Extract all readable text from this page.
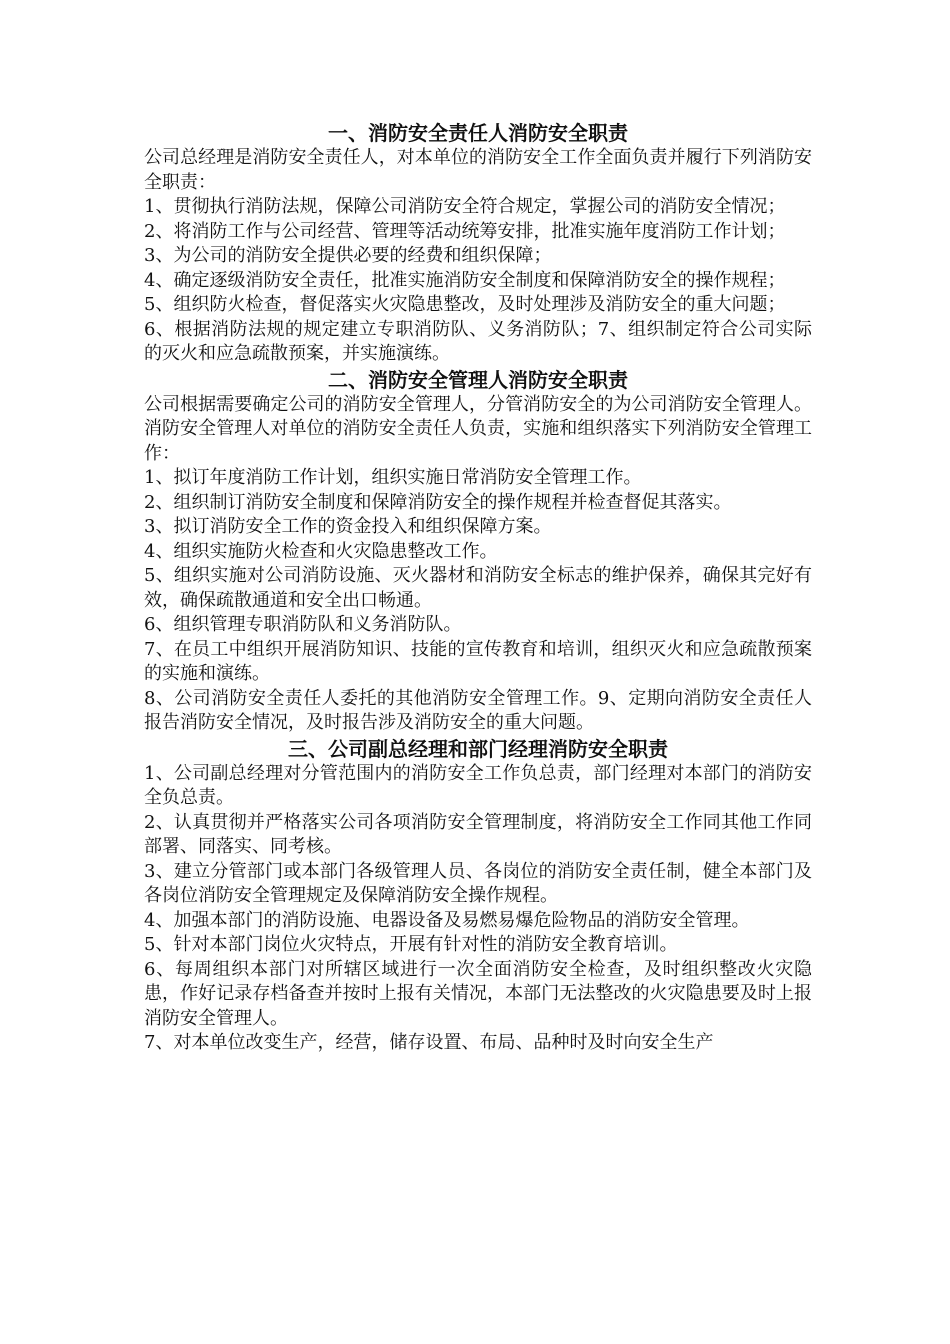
一、消防安全责任人消防安全职责

公司总经理是消防安全责任人，对本单位的消防安全工作全面负责并履行下列消防安全职责：

1、贯彻执行消防法规，保障公司消防安全符合规定，掌握公司的消防安全情况；

2、将消防工作与公司经营、管理等活动统筹安排，批准实施年度消防工作计划；

3、为公司的消防安全提供必要的经费和组织保障；

4、确定逐级消防安全责任，批准实施消防安全制度和保障消防安全的操作规程；

5、组织防火检查，督促落实火灾隐患整改，及时处理涉及消防安全的重大问题；

6、根据消防法规的规定建立专职消防队、义务消防队；7、组织制定符合公司实际的灭火和应急疏散预案，并实施演练。

二、消防安全管理人消防安全职责

公司根据需要确定公司的消防安全管理人，分管消防安全的为公司消防安全管理人。消防安全管理人对单位的消防安全责任人负责，实施和组织落实下列消防安全管理工作：

1、拟订年度消防工作计划，组织实施日常消防安全管理工作。

2、组织制订消防安全制度和保障消防安全的操作规程并检查督促其落实。

3、拟订消防安全工作的资金投入和组织保障方案。

4、组织实施防火检查和火灾隐患整改工作。

5、组织实施对公司消防设施、灭火器材和消防安全标志的维护保养，确保其完好有效，确保疏散通道和安全出口畅通。

6、组织管理专职消防队和义务消防队。

7、在员工中组织开展消防知识、技能的宣传教育和培训，组织灭火和应急疏散预案的实施和演练。

8、公司消防安全责任人委托的其他消防安全管理工作。9、定期向消防安全责任人报告消防安全情况，及时报告涉及消防安全的重大问题。

三、公司副总经理和部门经理消防安全职责

1、公司副总经理对分管范围内的消防安全工作负总责，部门经理对本部门的消防安全负总责。

2、认真贯彻并严格落实公司各项消防安全管理制度，将消防安全工作同其他工作同部署、同落实、同考核。

3、建立分管部门或本部门各级管理人员、各岗位的消防安全责任制，健全本部门及各岗位消防安全管理规定及保障消防安全操作规程。

4、加强本部门的消防设施、电器设备及易燃易爆危险物品的消防安全管理。

5、针对本部门岗位火灾特点，开展有针对性的消防安全教育培训。

6、每周组织本部门对所辖区域进行一次全面消防安全检查，及时组织整改火灾隐患，作好记录存档备查并按时上报有关情况，本部门无法整改的火灾隐患要及时上报消防安全管理人。

7、对本单位改变生产，经营，储存设置、布局、品种时及时向安全生产
